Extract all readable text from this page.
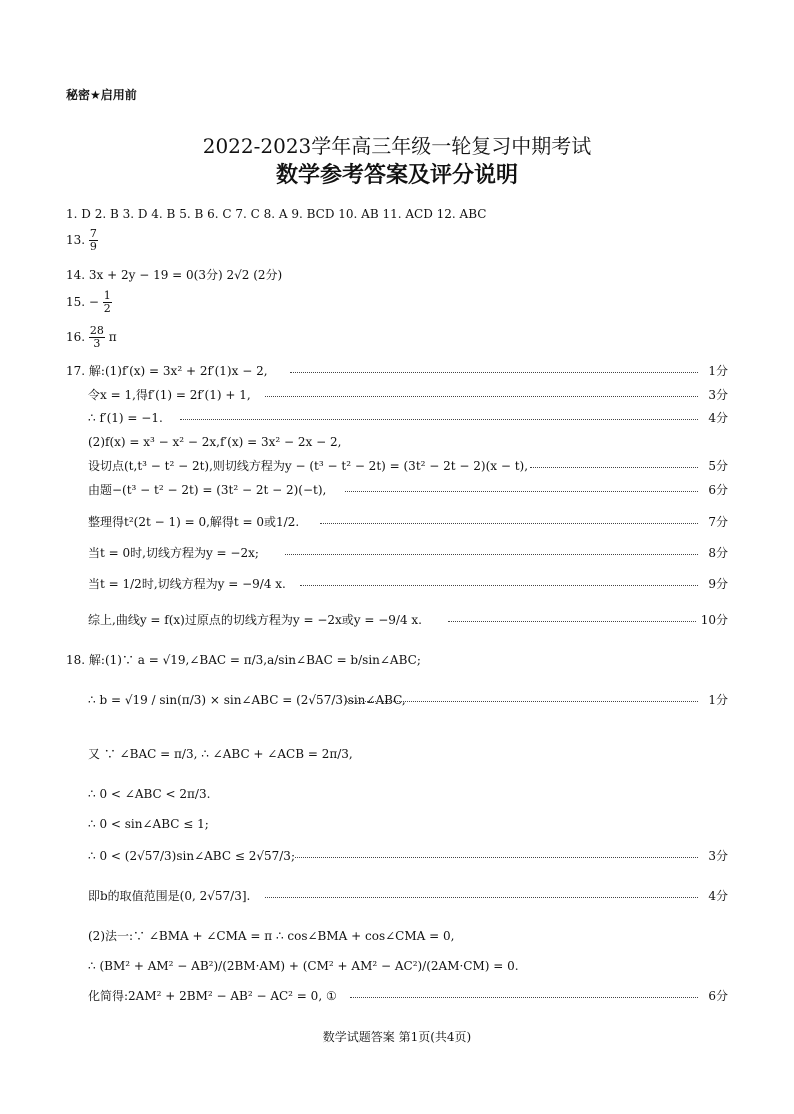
秘密★启用前
2022-2023学年高三年级一轮复习中期考试
数学参考答案及评分说明
1. D 2. B 3. D 4. B 5. B 6. C 7. C 8. A 9. BCD 10. AB 11. ACD 12. ABC
13. $\frac{7}{9}$
14. 3x + 2y − 19 = 0(3分) 2√2 (2分)
15. − $\frac{1}{2}$
16. $\frac{28}{3}$ π
17. 解:(1)f′(x) = 3x² + 2f′(1)x − 2,	1分
令x = 1,得f′(1) = 2f′(1) + 1,	3分
∴ f′(1) = −1.	4分
(2)f(x) = x³ − x² − 2x,f′(x) = 3x² − 2x − 2,
设切点(t,t³ − t² − 2t),则切线方程为y − (t³ − t² − 2t) = (3t² − 2t − 2)(x − t),	5分
由题−(t³ − t² − 2t) = (3t² − 2t − 2)(−t),	6分
整理得t²(2t − 1) = 0,解得t = 0或1/2.	7分
当t = 0时,切线方程为y = −2x;	8分
当t = 1/2时,切线方程为y = −9/4 x.	9分
综上,曲线y = f(x)过原点的切线方程为y = −2x或y = −9/4 x.	10分
18. 解:(1)∵ a = √19,∠BAC = π/3,a/sin∠BAC = b/sin∠ABC;
∴ b = √19 / sin(π/3) × sin∠ABC = (2√57/3)sin∠ABC,	1分
又 ∵ ∠BAC = π/3, ∴ ∠ABC + ∠ACB = 2π/3,
∴ 0 < ∠ABC < 2π/3.
∴ 0 < sin∠ABC ≤ 1;
∴ 0 < (2√57/3)sin∠ABC ≤ 2√57/3;	3分
即b的取值范围是(0, 2√57/3].	4分
(2)法一:∵ ∠BMA + ∠CMA = π ∴ cos∠BMA + cos∠CMA = 0,
∴ (BM² + AM² − AB²)/(2BM·AM) + (CM² + AM² − AC²)/(2AM·CM) = 0.
化简得:2AM² + 2BM² − AB² − AC² = 0, ①	6分
数学试题答案 第1页(共4页)
